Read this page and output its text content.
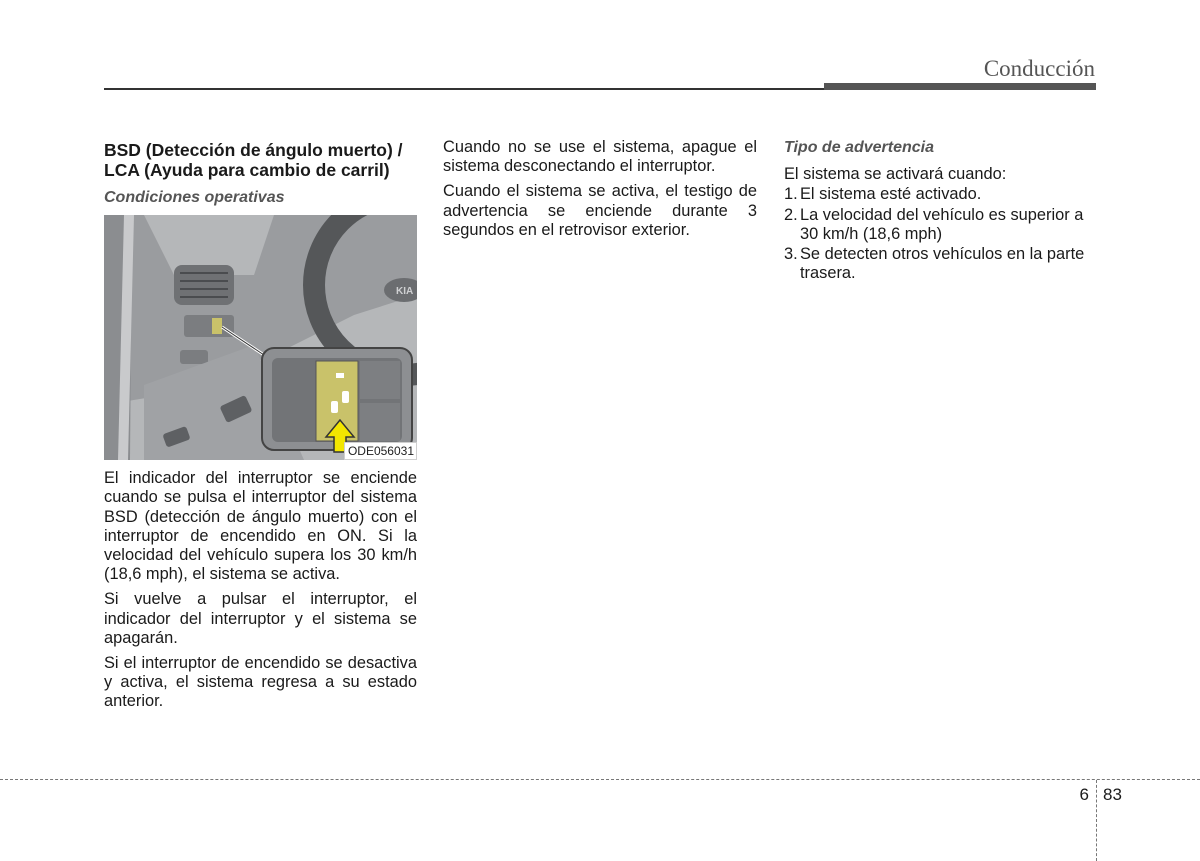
Conducción
BSD (Detección de ángulo muerto) / LCA (Ayuda para cambio de carril)
Condiciones operativas
KIA
ODE056031
El indicador del interruptor se enciende cuando se pulsa el interruptor del sistema BSD (detección de ángulo muerto) con el interruptor de encendido en ON. Si la velocidad del vehículo supera los 30 km/h (18,6 mph), el sistema se activa.
Si vuelve a pulsar el interruptor, el indicador del interruptor y el sistema se apagarán.
Si el interruptor de encendido se desactiva y activa, el sistema regresa a su estado anterior.
Cuando no se use el sistema, apague el sistema desconectando el interruptor.
Cuando el sistema se activa, el testigo de advertencia se enciende durante 3 segundos en el retrovisor exterior.
Tipo de advertencia
El sistema se activará cuando:
1. El sistema esté activado.
2. La velocidad del vehículo es superior a 30 km/h (18,6 mph)
3. Se detecten otros vehículos en la parte trasera.
6 83
